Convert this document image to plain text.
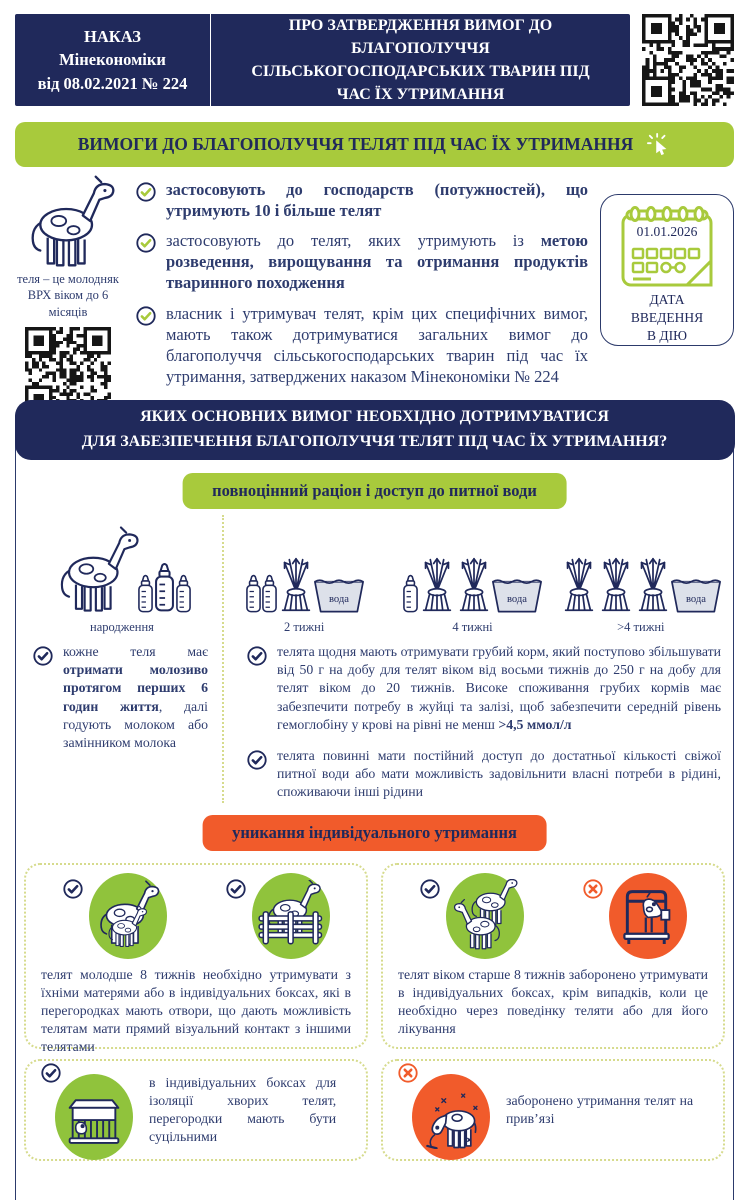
НАКАЗ
Мінекономіки
від 08.02.2021 № 224
ПРО ЗАТВЕРДЖЕННЯ ВИМОГ ДО БЛАГОПОЛУЧЧЯ СІЛЬСЬКОГОСПОДАРСЬКИХ ТВАРИН ПІД ЧАС ЇХ УТРИМАННЯ
ВИМОГИ ДО БЛАГОПОЛУЧЧЯ ТЕЛЯТ ПІД ЧАС ЇХ УТРИМАННЯ
теля – це молодняк ВРХ віком до 6 місяців

застосовують до господарств (потужностей), що утримують 10 і більше телят

застосовують до телят, яких утримують із метою розведення, вирощування та отримання продуктів тваринного походження

власник і утримувач телят, крім цих специфічних вимог, мають також дотримуватися загальних вимог до благополуччя сільськогосподарських тварин під час їх утримання, затверджених наказом Мінекономіки № 224

01.01.2026
ДАТА
ВВЕДЕННЯ
В ДІЮ
ЯКИХ ОСНОВНИХ ВИМОГ НЕОБХІДНО ДОТРИМУВАТИСЯ
ДЛЯ ЗАБЕЗПЕЧЕННЯ БЛАГОПОЛУЧЧЯ ТЕЛЯТ ПІД ЧАС ЇХ УТРИМАННЯ?
повноцінний раціон і доступ до питної води
народження
вода
2 тижні
вода
4 тижні
вода
>4 тижні

кожне теля має отримати молозиво протягом перших 6 годин життя, далі годують молоком або замінником молока

телята щодня мають отримувати грубий корм, який поступово збільшувати від 50 г на добу для телят віком від восьми тижнів до 250 г на добу для телят віком до 20 тижнів. Високе споживання грубих кормів має забезпечити потребу в жуйці та залізі, щоб забезпечити середній рівень гемоглобіну у крові на рівні не менш >4,5 ммол/л

телята повинні мати постійний доступ до достатньої кількості свіжої питної води або мати можливість задовільнити власні потреби в рідині, споживаючи інші рідини

уникання індивідуального утримання

телят молодше 8 тижнів необхідно утримувати з їхніми матерями або в індивідуальних боксах, які в перегородках мають отвори, що дають можливість телятам мати прямий візуальний контакт з іншими телятами

телят віком старше 8 тижнів заборонено утримувати в індивідуальних боксах, крім випадків, коли це необхідно через поведінку теляти або для його лікування

в індивідуальних боксах для ізоляції хворих телят, перегородки мають бути суцільними

заборонено утримання телят на прив’язі
